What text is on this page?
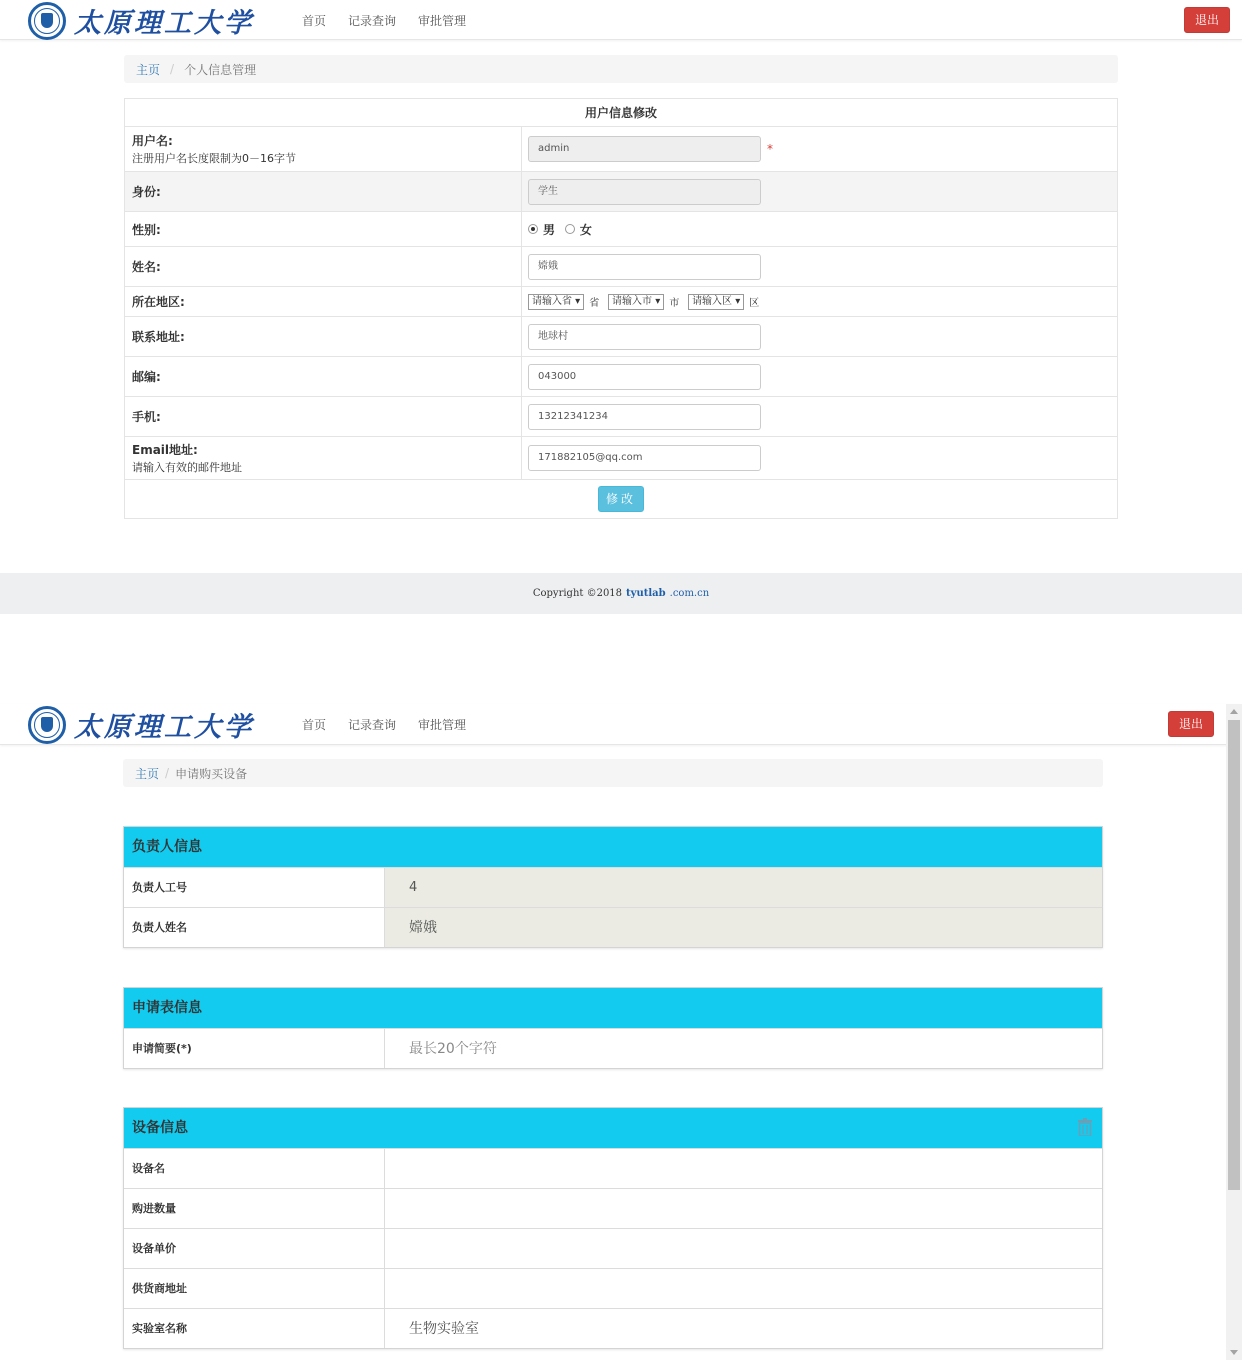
太原理工大学	首页 记录查询 审批管理	退出
主页 / 个人信息管理
用户信息修改	
用户名:
注册用户名长度限制为0－16字节	admin *
身份:	学生
性别:	男 女
姓名:	嫦娥
所在地区:	请输入省 ▾ 省 请输入市 ▾ 市 请输入区 ▾ 区
联系地址:	地球村
邮编:	043000
手机:	13212341234
Email地址:
请输入有效的邮件地址	171882105@qq.com
修改	
Copyright ©2018 tyutlab .com.cn
太原理工大学	首页 记录查询 审批管理	退出
主页 / 申请购买设备
负责人信息
负责人工号	4
负责人姓名	嫦娥
申请表信息
申请简要(*)	最长20个字符
设备信息
设备名
购进数量
设备单价
供货商地址
实验室名称	生物实验室
